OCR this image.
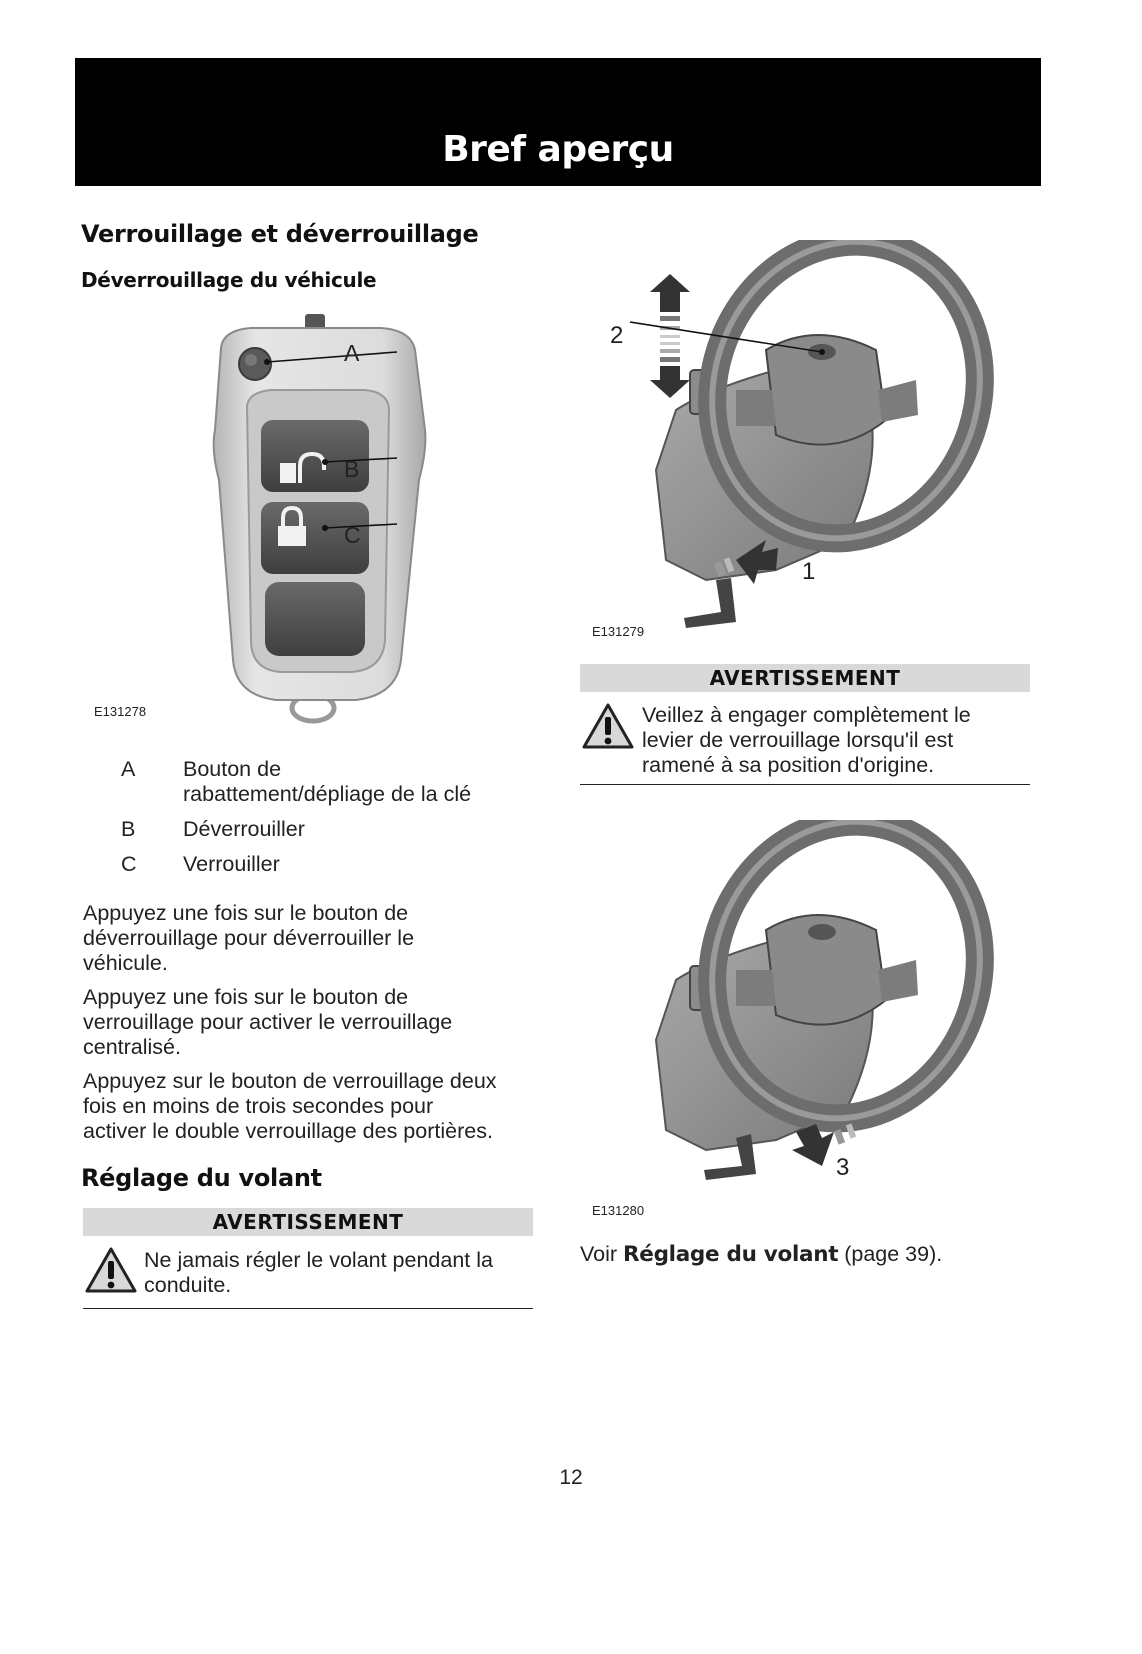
Bref aperçu
Verrouillage et déverrouillage
Déverrouillage du véhicule
A
B
C
E131278
A Bouton de
rabattement/dépliage de la clé
B Déverrouiller
C Verrouiller
Appuyez une fois sur le bouton de
déverrouillage pour déverrouiller le
véhicule.
Appuyez une fois sur le bouton de
verrouillage pour activer le verrouillage
centralisé.
Appuyez sur le bouton de verrouillage deux
fois en moins de trois secondes pour
activer le double verrouillage des portières.
Réglage du volant
AVERTISSEMENT
Ne jamais régler le volant pendant la
conduite.
2
1
E131279
AVERTISSEMENT
Veillez à engager complètement le
levier de verrouillage lorsqu'il est
ramené à sa position d'origine.
3
E131280
Voir Réglage du volant (page 39).
12
